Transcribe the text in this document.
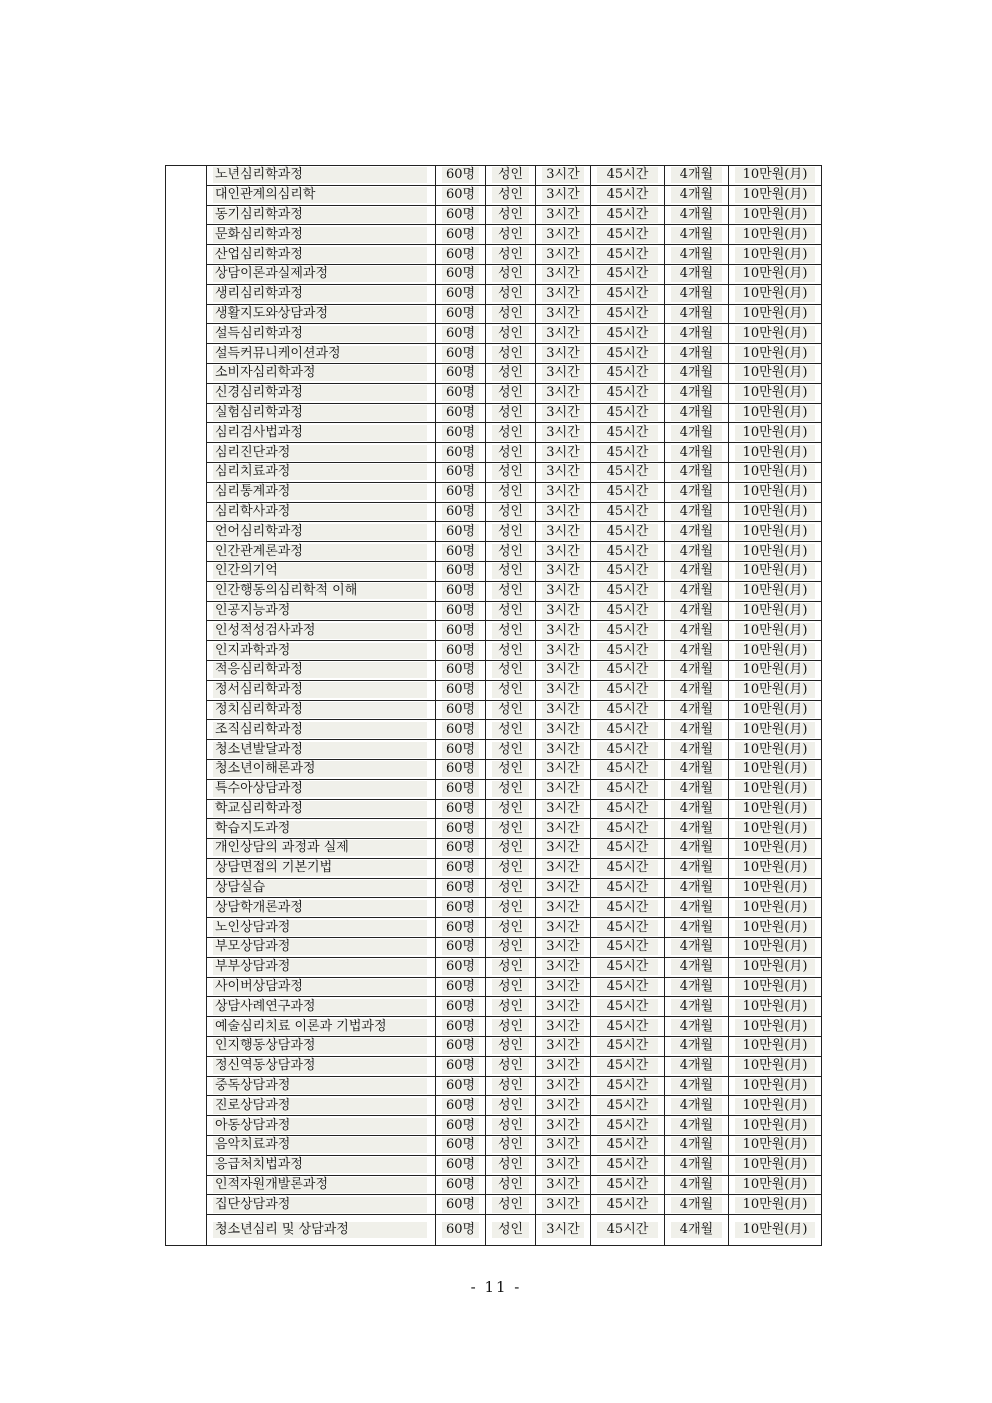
	노년심리학과정	60명	성인	3시간	45시간	4개월	10만원(月)

	대인관계의심리학	60명	성인	3시간	45시간	4개월	10만원(月)

	동기심리학과정	60명	성인	3시간	45시간	4개월	10만원(月)

	문화심리학과정	60명	성인	3시간	45시간	4개월	10만원(月)

	산업심리학과정	60명	성인	3시간	45시간	4개월	10만원(月)

	상담이론과실제과정	60명	성인	3시간	45시간	4개월	10만원(月)

	생리심리학과정	60명	성인	3시간	45시간	4개월	10만원(月)

	생활지도와상담과정	60명	성인	3시간	45시간	4개월	10만원(月)

	설득심리학과정	60명	성인	3시간	45시간	4개월	10만원(月)

	설득커뮤니케이션과정	60명	성인	3시간	45시간	4개월	10만원(月)

	소비자심리학과정	60명	성인	3시간	45시간	4개월	10만원(月)

	신경심리학과정	60명	성인	3시간	45시간	4개월	10만원(月)

	실험심리학과정	60명	성인	3시간	45시간	4개월	10만원(月)

	심리검사법과정	60명	성인	3시간	45시간	4개월	10만원(月)

	심리진단과정	60명	성인	3시간	45시간	4개월	10만원(月)

	심리치료과정	60명	성인	3시간	45시간	4개월	10만원(月)

	심리통계과정	60명	성인	3시간	45시간	4개월	10만원(月)

	심리학사과정	60명	성인	3시간	45시간	4개월	10만원(月)

	언어심리학과정	60명	성인	3시간	45시간	4개월	10만원(月)

	인간관계론과정	60명	성인	3시간	45시간	4개월	10만원(月)

	인간의기억	60명	성인	3시간	45시간	4개월	10만원(月)

	인간행동의심리학적 이해	60명	성인	3시간	45시간	4개월	10만원(月)

	인공지능과정	60명	성인	3시간	45시간	4개월	10만원(月)

	인성적성검사과정	60명	성인	3시간	45시간	4개월	10만원(月)

	인지과학과정	60명	성인	3시간	45시간	4개월	10만원(月)

	적응심리학과정	60명	성인	3시간	45시간	4개월	10만원(月)

	정서심리학과정	60명	성인	3시간	45시간	4개월	10만원(月)

	정치심리학과정	60명	성인	3시간	45시간	4개월	10만원(月)

	조직심리학과정	60명	성인	3시간	45시간	4개월	10만원(月)

	청소년발달과정	60명	성인	3시간	45시간	4개월	10만원(月)

	청소년이해론과정	60명	성인	3시간	45시간	4개월	10만원(月)

	특수아상담과정	60명	성인	3시간	45시간	4개월	10만원(月)

	학교심리학과정	60명	성인	3시간	45시간	4개월	10만원(月)

	학습지도과정	60명	성인	3시간	45시간	4개월	10만원(月)

	개인상담의 과정과 실제	60명	성인	3시간	45시간	4개월	10만원(月)

	상담면접의 기본기법	60명	성인	3시간	45시간	4개월	10만원(月)

	상담실습	60명	성인	3시간	45시간	4개월	10만원(月)

	상담학개론과정	60명	성인	3시간	45시간	4개월	10만원(月)

	노인상담과정	60명	성인	3시간	45시간	4개월	10만원(月)

	부모상담과정	60명	성인	3시간	45시간	4개월	10만원(月)

	부부상담과정	60명	성인	3시간	45시간	4개월	10만원(月)

	사이버상담과정	60명	성인	3시간	45시간	4개월	10만원(月)

	상담사례연구과정	60명	성인	3시간	45시간	4개월	10만원(月)

	예술심리치료 이론과 기법과정	60명	성인	3시간	45시간	4개월	10만원(月)

	인지행동상담과정	60명	성인	3시간	45시간	4개월	10만원(月)

	정신역동상담과정	60명	성인	3시간	45시간	4개월	10만원(月)

	중독상담과정	60명	성인	3시간	45시간	4개월	10만원(月)

	진로상담과정	60명	성인	3시간	45시간	4개월	10만원(月)

	아동상담과정	60명	성인	3시간	45시간	4개월	10만원(月)

	음악치료과정	60명	성인	3시간	45시간	4개월	10만원(月)

	응급처치법과정	60명	성인	3시간	45시간	4개월	10만원(月)

	인적자원개발론과정	60명	성인	3시간	45시간	4개월	10만원(月)

	집단상담과정	60명	성인	3시간	45시간	4개월	10만원(月)

	청소년심리 및 상담과정	60명	성인	3시간	45시간	4개월	10만원(月)
- 11 -
